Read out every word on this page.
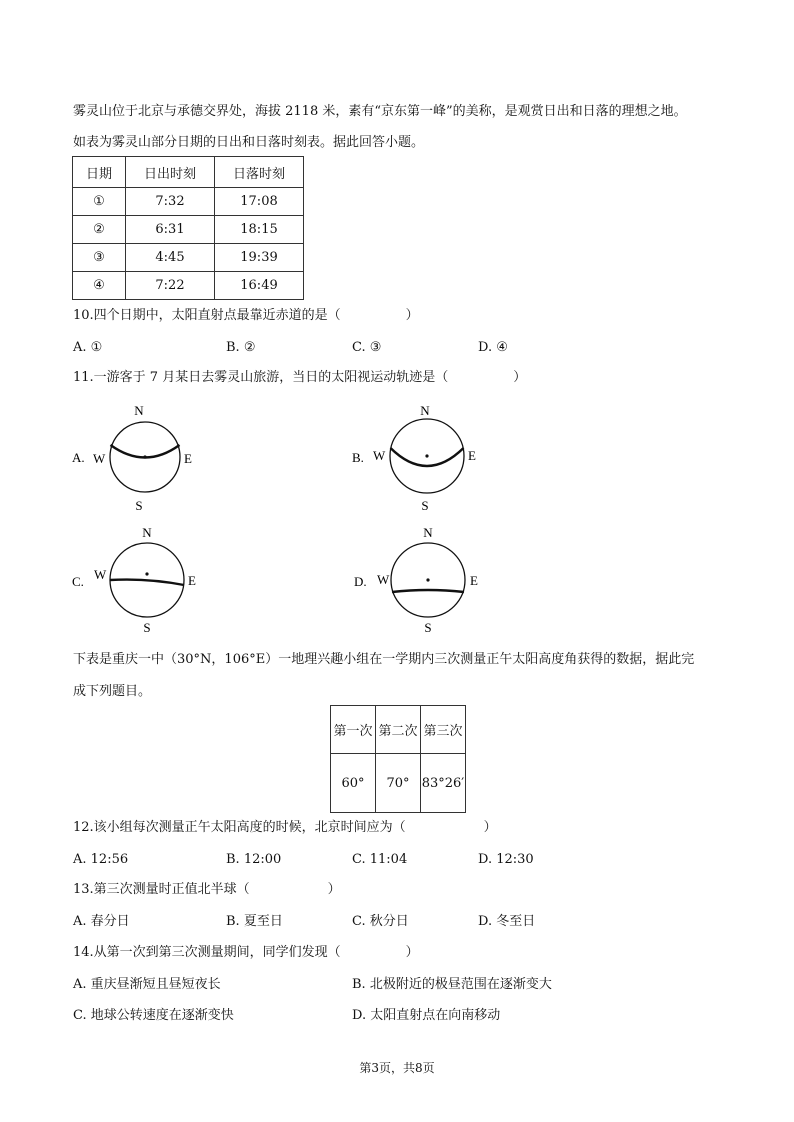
雾灵山位于北京与承德交界处，海拔 2118 米，素有“京东第一峰”的美称，是观赏日出和日落的理想之地。
如表为雾灵山部分日期的日出和日落时刻表。据此回答小题。
日期	日出时刻	日落时刻
①	7:32	17:08
②	6:31	18:15
③	4:45	19:39
④	7:22	16:49
10.四个日期中，太阳直射点最靠近赤道的是（　　　　　）
A. ①	B. ②	C. ③	D. ④
11.一游客于 7 月某日去雾灵山旅游，当日的太阳视运动轨迹是（　　　　　）
A.
N
S
W	E	B.
N
S
W	E
C.
N
S
W	E	D.
N
S
W	E
下表是重庆一中（30°N，106°E）一地理兴趣小组在一学期内三次测量正午太阳高度角获得的数据，据此完
成下列题目。
第一次	第二次	第三次
60°	70°	83°26′
12.该小组每次测量正午太阳高度的时候，北京时间应为（　　　　　　）
A. 12:56	B. 12:00	C. 11:04	D. 12:30
13.第三次测量时正值北半球（　　　　　　）
A. 春分日	B. 夏至日	C. 秋分日	D. 冬至日
14.从第一次到第三次测量期间，同学们发现（　　　　　）
A. 重庆昼渐短且昼短夜长	B. 北极附近的极昼范围在逐渐变大
C. 地球公转速度在逐渐变快	D. 太阳直射点在向南移动
第3页，共8页
